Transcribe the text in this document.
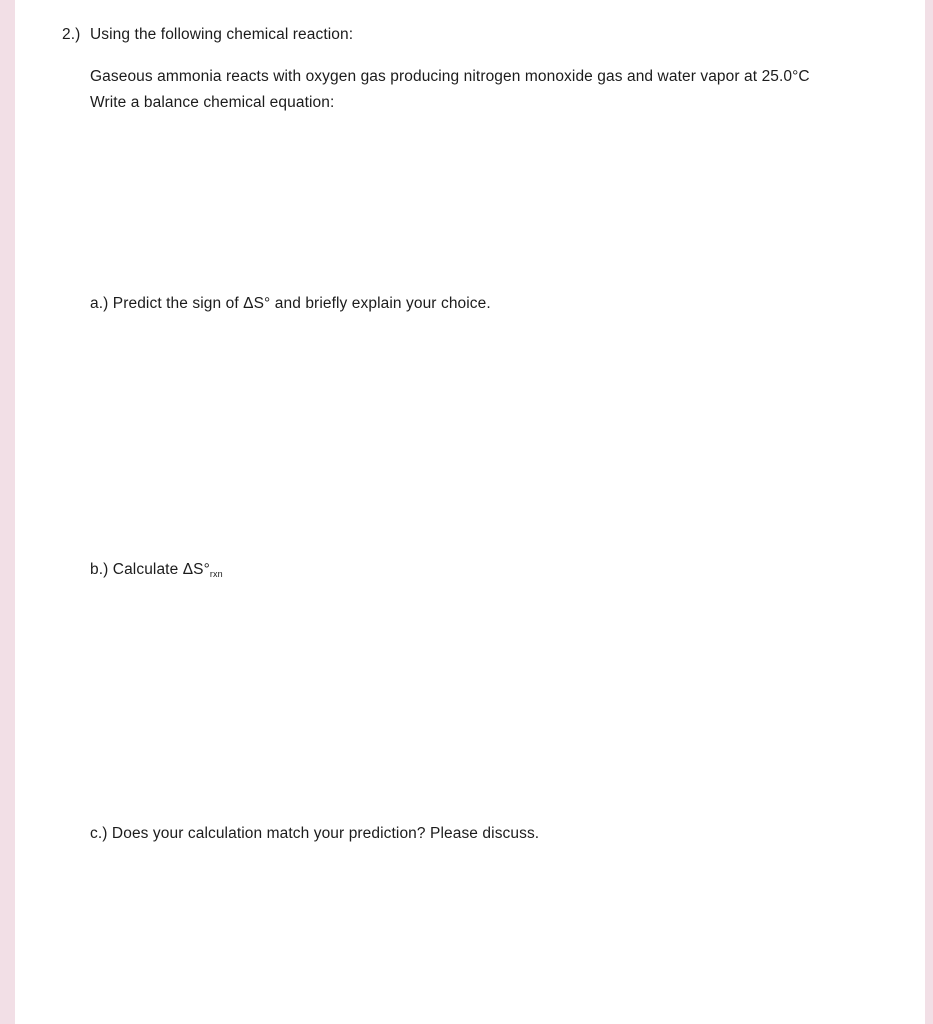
2.) Using the following chemical reaction:
Gaseous ammonia reacts with oxygen gas producing nitrogen monoxide gas and water vapor at 25.0°C
Write a balance chemical equation:
a.) Predict the sign of ΔS° and briefly explain your choice.
b.) Calculate $\Delta S^\circ_{rxn}$
c.) Does your calculation match your prediction? Please discuss.
